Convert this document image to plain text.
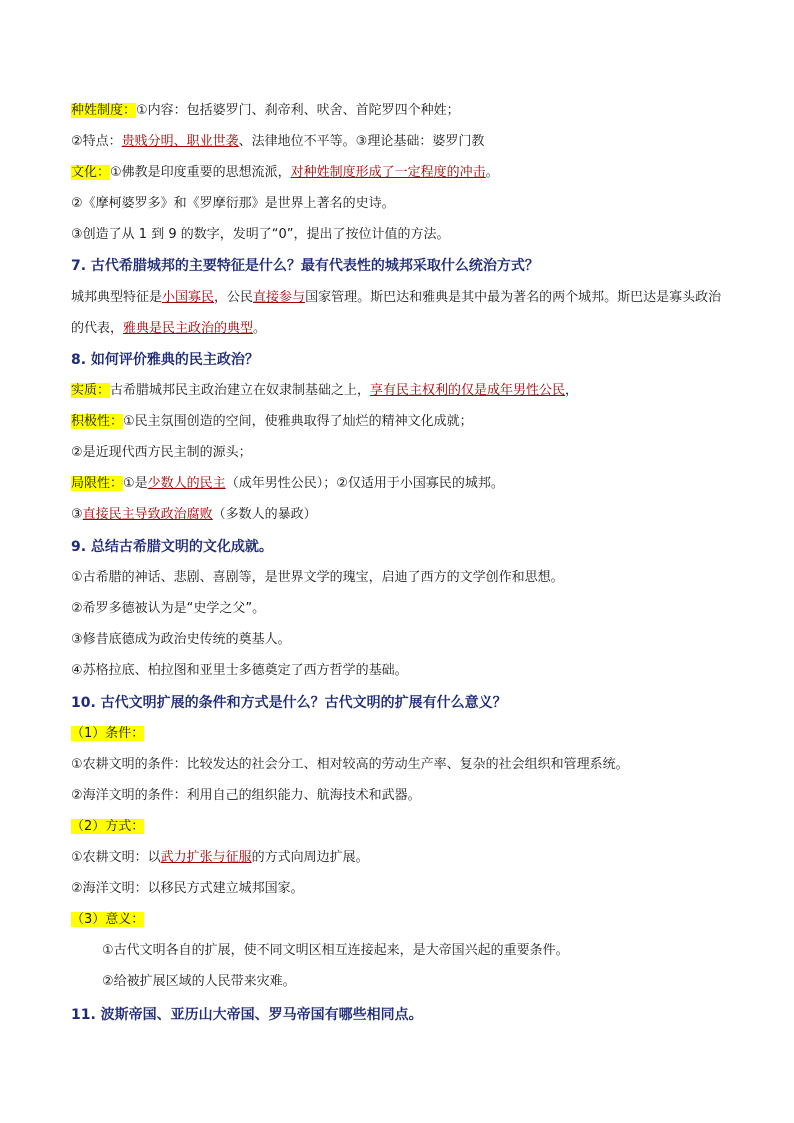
种姓制度：①内容：包括婆罗门、刹帝利、吠舍、首陀罗四个种姓；
②特点：贵贱分明、职业世袭、法律地位不平等。③理论基础：婆罗门教
文化：①佛教是印度重要的思想流派，对种姓制度形成了一定程度的冲击。
②《摩柯婆罗多》和《罗摩衍那》是世界上著名的史诗。
③创造了从 1 到 9 的数字，发明了“0”，提出了按位计值的方法。
7. 古代希腊城邦的主要特征是什么？最有代表性的城邦采取什么统治方式？
城邦典型特征是小国寡民，公民直接参与国家管理。斯巴达和雅典是其中最为著名的两个城邦。斯巴达是寡头政治的代表，雅典是民主政治的典型。
8. 如何评价雅典的民主政治？
实质：古希腊城邦民主政治建立在奴隶制基础之上，享有民主权利的仅是成年男性公民，
积极性：①民主氛围创造的空间，使雅典取得了灿烂的精神文化成就；
②是近现代西方民主制的源头；
局限性：①是少数人的民主（成年男性公民）；②仅适用于小国寡民的城邦。
③直接民主导致政治腐败（多数人的暴政）
9. 总结古希腊文明的文化成就。
①古希腊的神话、悲剧、喜剧等，是世界文学的瑰宝，启迪了西方的文学创作和思想。
②希罗多德被认为是“史学之父”。
③修昔底德成为政治史传统的奠基人。
④苏格拉底、柏拉图和亚里士多德奠定了西方哲学的基础。
10. 古代文明扩展的条件和方式是什么？古代文明的扩展有什么意义？
（1）条件：
①农耕文明的条件：比较发达的社会分工、相对较高的劳动生产率、复杂的社会组织和管理系统。
②海洋文明的条件：利用自己的组织能力、航海技术和武器。
（2）方式：
①农耕文明：以武力扩张与征服的方式向周边扩展。
②海洋文明：以移民方式建立城邦国家。
（3）意义：
①古代文明各自的扩展，使不同文明区相互连接起来，是大帝国兴起的重要条件。
②给被扩展区域的人民带来灾难。
11. 波斯帝国、亚历山大帝国、罗马帝国有哪些相同点。
